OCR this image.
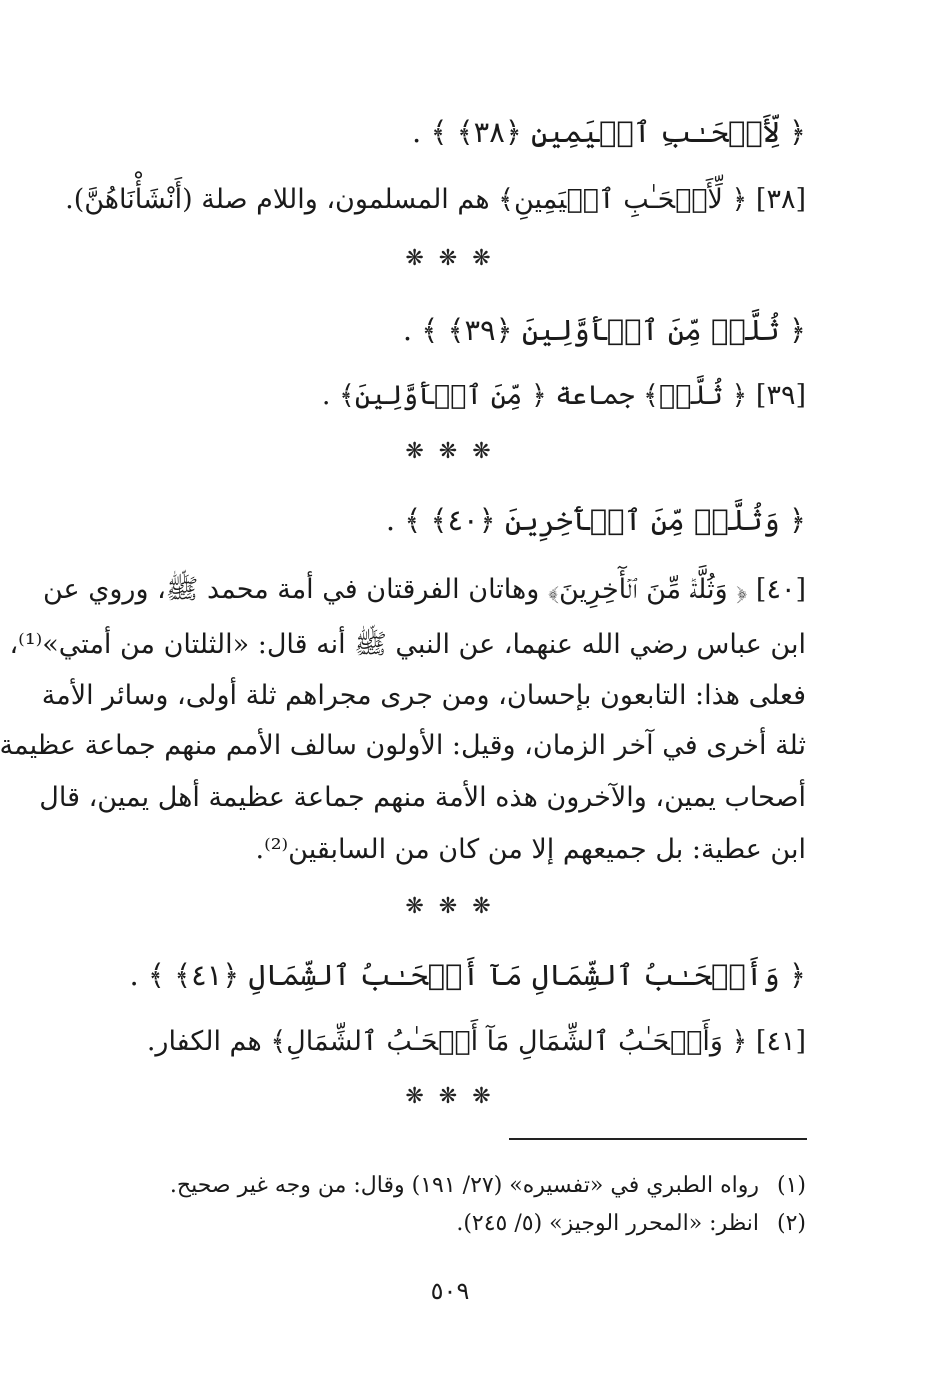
﴿ لِّأَصۡحَـٰبِ ٱلۡيَمِينِ ﴿٣٨﴾ ﴾ .
[٣٨] ﴿ لِّأَصۡحَـٰبِ ٱلۡيَمِينِ﴾ هم المسلمون، واللام صلة (أَنْشَأْنَاهُنَّ).
❋ ❋ ❋
﴿ ثُلَّةٞ مِّنَ ٱلۡأَوَّلِينَ ﴿٣٩﴾ ﴾ .
[٣٩] ﴿ ثُلَّةٞ﴾ جماعة ﴿ مِّنَ ٱلۡأَوَّلِينَ﴾ .
❋ ❋ ❋
﴿ وَثُلَّةٞ مِّنَ ٱلۡأٓخِرِينَ ﴿٤٠﴾ ﴾ .
[٤٠] ﴿ وَثُلَّةٞ مِّنَ ٱلۡأٓخِرِينَ﴾ وهاتان الفرقتان في أمة محمد ﷺ، وروي عن
ابن عباس رضي الله عنهما، عن النبي ﷺ أنه قال: «الثلتان من أمتي»⁽¹⁾،
فعلى هذا: التابعون بإحسان، ومن جرى مجراهم ثلة أولى، وسائر الأمة
ثلة أخرى في آخر الزمان، وقيل: الأولون سالف الأمم منهم جماعة عظيمة
أصحاب يمين، والآخرون هذه الأمة منهم جماعة عظيمة أهل يمين، قال
ابن عطية: بل جميعهم إلا من كان من السابقين⁽²⁾.
❋ ❋ ❋
﴿ وَأَصۡحَـٰبُ ٱلشِّمَالِ مَآ أَصۡحَـٰبُ ٱلشِّمَالِ ﴿٤١﴾ ﴾ .
[٤١] ﴿ وَأَصۡحَـٰبُ ٱلشِّمَالِ مَآ أَصۡحَـٰبُ ٱلشِّمَالِ﴾ هم الكفار.
❋ ❋ ❋
(١)رواه الطبري في «تفسيره» (٢٧/ ١٩١) وقال: من وجه غير صحيح.
(٢)انظر: «المحرر الوجيز» (٥/ ٢٤٥).
٥٠٩
